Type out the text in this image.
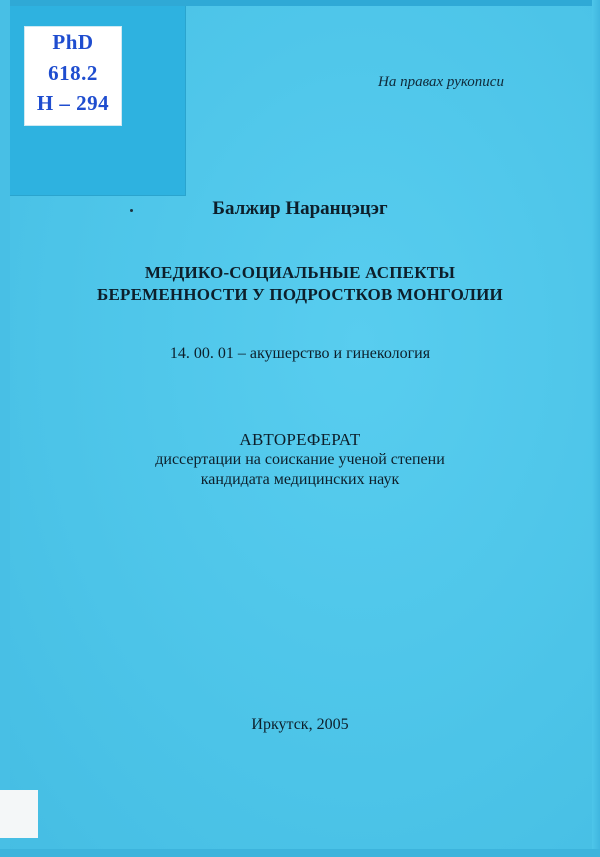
PhD
618.2
Н – 294
На правах рукописи
Балжир Наранцэцэг
МЕДИКО-СОЦИАЛЬНЫЕ АСПЕКТЫ
БЕРЕМЕННОСТИ У ПОДРОСТКОВ МОНГОЛИИ
14. 00. 01 – акушерство и гинекология
АВТОРЕФЕРАТ
диссертации на соискание ученой степени
кандидата медицинских наук
Иркутск, 2005
